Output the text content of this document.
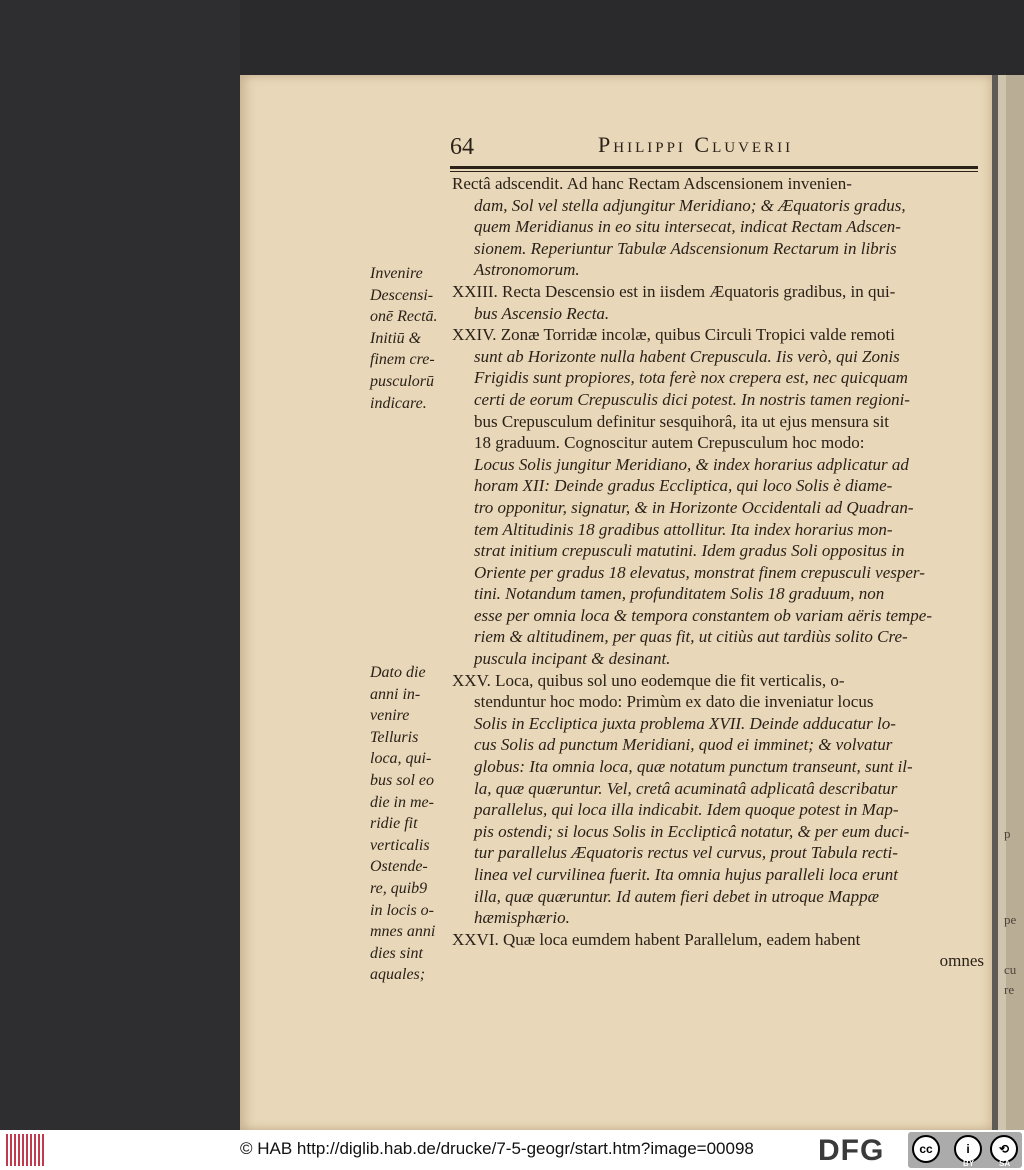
p
pe
cu
re
64	Philippi Cluverii
Invenire
Descensi-
onē Rectā.
Initiū &
finem cre-
pusculorū
indicare.
Dato die
anni in-
venire
Telluris
loca, qui-
bus sol eo
die in me-
ridie fit
verticalis
Ostende-
re, quib9
in locis o-
mnes anni
dies sint
aquales;
Rectâ adscendit. Ad hanc Rectam Adscensionem invenien-
dam, Sol vel stella adjungitur Meridiano; & Æquatoris gradus,
quem Meridianus in eo situ intersecat, indicat Rectam Adscen-
sionem. Reperiuntur Tabulæ Adscensionum Rectarum in libris
Astronomorum.
XXIII. Recta Descensio est in iisdem Æquatoris gradibus, in qui-
bus Ascensio Recta.
XXIV. Zonæ Torridæ incolæ, quibus Circuli Tropici valde remoti
sunt ab Horizonte nulla habent Crepuscula. Iis verò, qui Zonis
Frigidis sunt propiores, tota ferè nox crepera est, nec quicquam
certi de eorum Crepusculis dici potest. In nostris tamen regioni-
bus Crepusculum definitur sesquihorâ, ita ut ejus mensura sit
18 graduum. Cognoscitur autem Crepusculum hoc modo:
Locus Solis jungitur Meridiano, & index horarius adplicatur ad
horam XII: Deinde gradus Eccliptica, qui loco Solis è diame-
tro opponitur, signatur, & in Horizonte Occidentali ad Quadran-
tem Altitudinis 18 gradibus attollitur. Ita index horarius mon-
strat initium crepusculi matutini. Idem gradus Soli oppositus in
Oriente per gradus 18 elevatus, monstrat finem crepusculi vesper-
tini. Notandum tamen, profunditatem Solis 18 graduum, non
esse per omnia loca & tempora constantem ob variam aëris tempe-
riem & altitudinem, per quas fit, ut citiùs aut tardiùs solito Cre-
puscula incipant & desinant.
XXV. Loca, quibus sol uno eodemque die fit verticalis, o-
stenduntur hoc modo: Primùm ex dato die inveniatur locus
Solis in Eccliptica juxta problema XVII. Deinde adducatur lo-
cus Solis ad punctum Meridiani, quod ei imminet; & volvatur
globus: Ita omnia loca, quæ notatum punctum transeunt, sunt il-
la, quæ quæruntur. Vel, cretâ acuminatâ adplicatâ describatur
parallelus, qui loca illa indicabit. Idem quoque potest in Map-
pis ostendi; si locus Solis in Ecclipticâ notatur, & per eum duci-
tur parallelus Æquatoris rectus vel curvus, prout Tabula recti-
linea vel curvilinea fuerit. Ita omnia hujus paralleli loca erunt
illa, quæ quæruntur. Id autem fieri debet in utroque Mappæ
hæmisphærio.
XXVI. Quæ loca eumdem habent Parallelum, eadem habent
omnes
© HAB http://diglib.hab.de/drucke/7-5-geogr/start.htm?image=00098 DFG	cc	i	⟲
BY	SA
